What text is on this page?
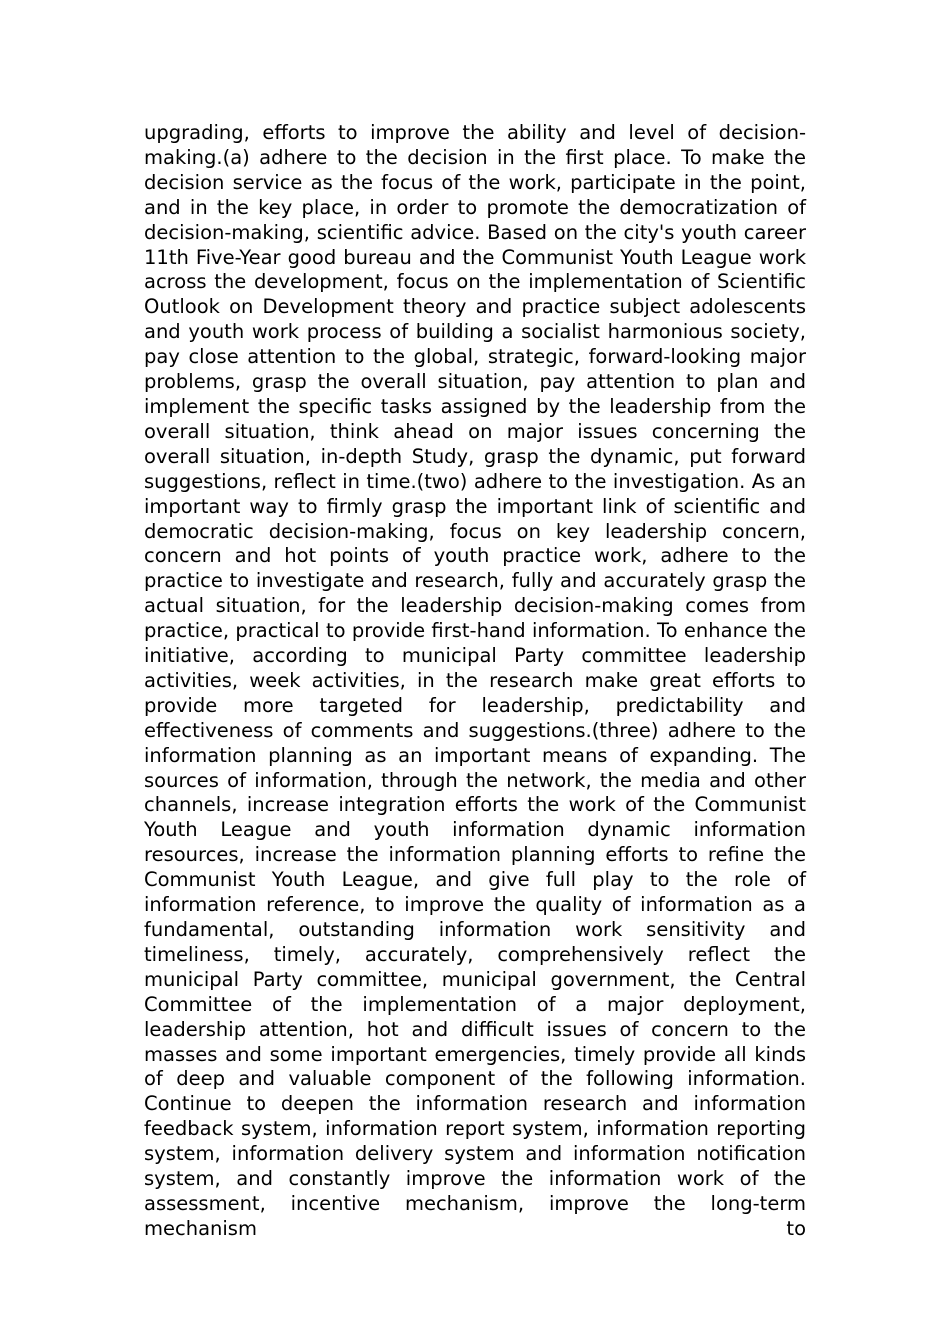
upgrading, efforts to improve the ability and level of decision-making.(a) adhere to the decision in the first place. To make the decision service as the focus of the work, participate in the point, and in the key place, in order to promote the democratization of decision-making, scientific advice. Based on the city's youth career 11th Five-Year good bureau and the Communist Youth League work across the development, focus on the implementation of Scientific Outlook on Development theory and practice subject adolescents and youth work process of building a socialist harmonious society, pay close attention to the global, strategic, forward-looking major problems, grasp the overall situation, pay attention to plan and implement the specific tasks assigned by the leadership from the overall situation, think ahead on major issues concerning the overall situation, in-depth Study, grasp the dynamic, put forward suggestions, reflect in time.(two) adhere to the investigation. As an important way to firmly grasp the important link of scientific and democratic decision-making, focus on key leadership concern, concern and hot points of youth practice work, adhere to the practice to investigate and research, fully and accurately grasp the actual situation, for the leadership decision-making comes from practice, practical to provide first-hand information. To enhance the initiative, according to municipal Party committee leadership activities, week activities, in the research make great efforts to provide more targeted for leadership, predictability and effectiveness of comments and suggestions.(three) adhere to the information planning as an important means of expanding. The sources of information, through the network, the media and other channels, increase integration efforts the work of the Communist Youth League and youth information dynamic information resources, increase the information planning efforts to refine the Communist Youth League, and give full play to the role of information reference, to improve the quality of information as a fundamental, outstanding information work sensitivity and timeliness, timely, accurately, comprehensively reflect the municipal Party committee, municipal government, the Central Committee of the implementation of a major deployment, leadership attention, hot and difficult issues of concern to the masses and some important emergencies, timely provide all kinds of deep and valuable component of the following information. Continue to deepen the information research and information feedback system, information report system, information reporting system, information delivery system and information notification system, and constantly improve the information work of the assessment, incentive mechanism, improve the long-term mechanism to
